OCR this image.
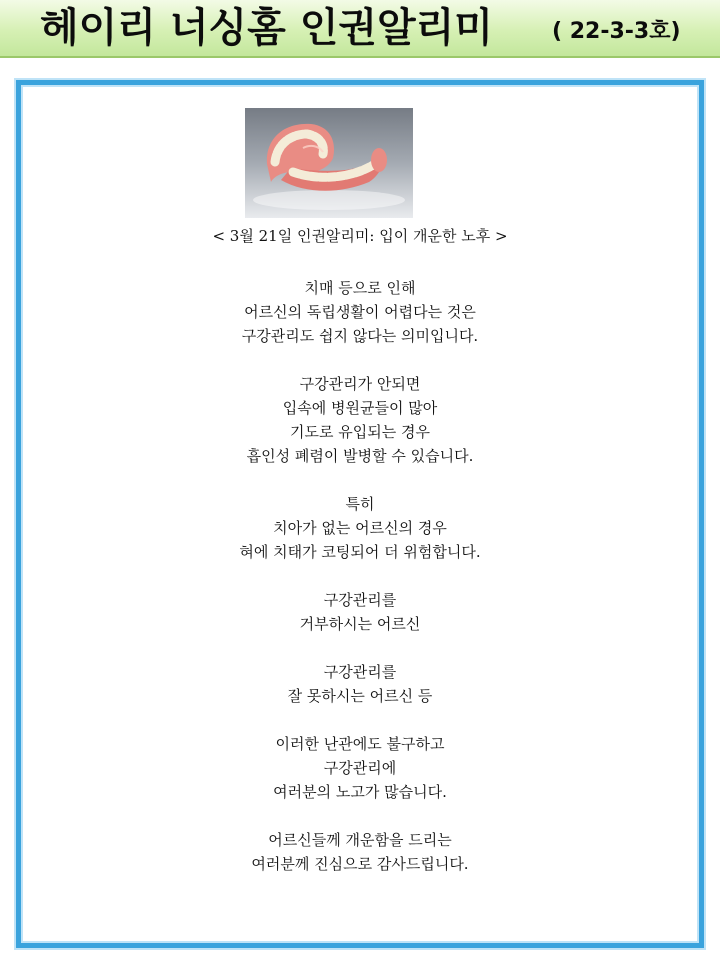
헤이리 너싱홈 인권알리미	( 22-3-3호)
< 3월 21일 인권알리미: 입이 개운한 노후 >
치매 등으로 인해
어르신의 독립생활이 어렵다는 것은
구강관리도 쉽지 않다는 의미입니다.
구강관리가 안되면
입속에 병원균들이 많아
기도로 유입되는 경우
흡인성 폐렴이 발병할 수 있습니다.
특히
치아가 없는 어르신의 경우
혀에 치태가 코팅되어 더 위험합니다.
구강관리를
거부하시는 어르신
구강관리를
잘 못하시는 어르신 등
이러한 난관에도 불구하고
구강관리에
여러분의 노고가 많습니다.
어르신들께 개운함을 드리는
여러분께 진심으로 감사드립니다.
